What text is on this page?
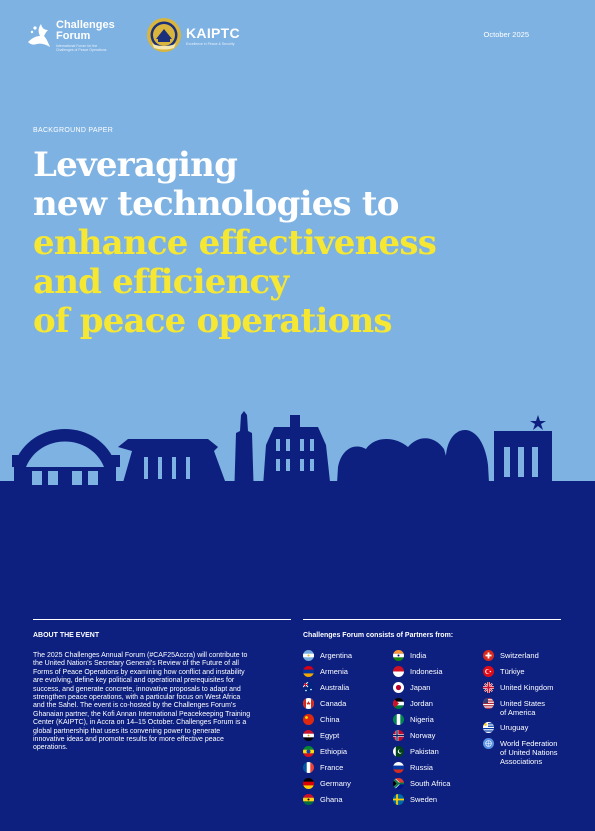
Challenges
Forum
International Forum for the Challenges of Peace Operations
KAIPTC
Excellence in Peace & Security
October 2025
BACKGROUND PAPER
Leveraging
new technologies to
enhance effectiveness
and efficiency
of peace operations
ABOUT THE EVENT
The 2025 Challenges Annual Forum (#CAF25Accra) will contribute to the United Nation’s Secretary General’s Review of the Future of all Forms of Peace Operations by examining how conflict and instability are evolving, define key political and operational prerequisites for success, and generate concrete, innovative proposals to adapt and strengthen peace operations, with a particular focus on West Africa and the Sahel. The event is co-hosted by the Challenges Forum’s Ghanaian partner, the Kofi Annan International Peacekeeping Training Center (KAIPTC), in Accra on 14–15 October. Challenges Forum is a global partnership that uses its convening power to generate innovative ideas and promote results for more effective peace operations.
Challenges Forum consists of Partners from:
Argentina
Armenia
Australia
Canada
China
Egypt
Ethiopia
France
Germany
Ghana
India
Indonesia
Japan
Jordan
Nigeria
Norway
Pakistan
Russia
South Africa
Sweden
Switzerland
Türkiye
United Kingdom
United States
of America
Uruguay
World Federation
of United Nations
Associations
